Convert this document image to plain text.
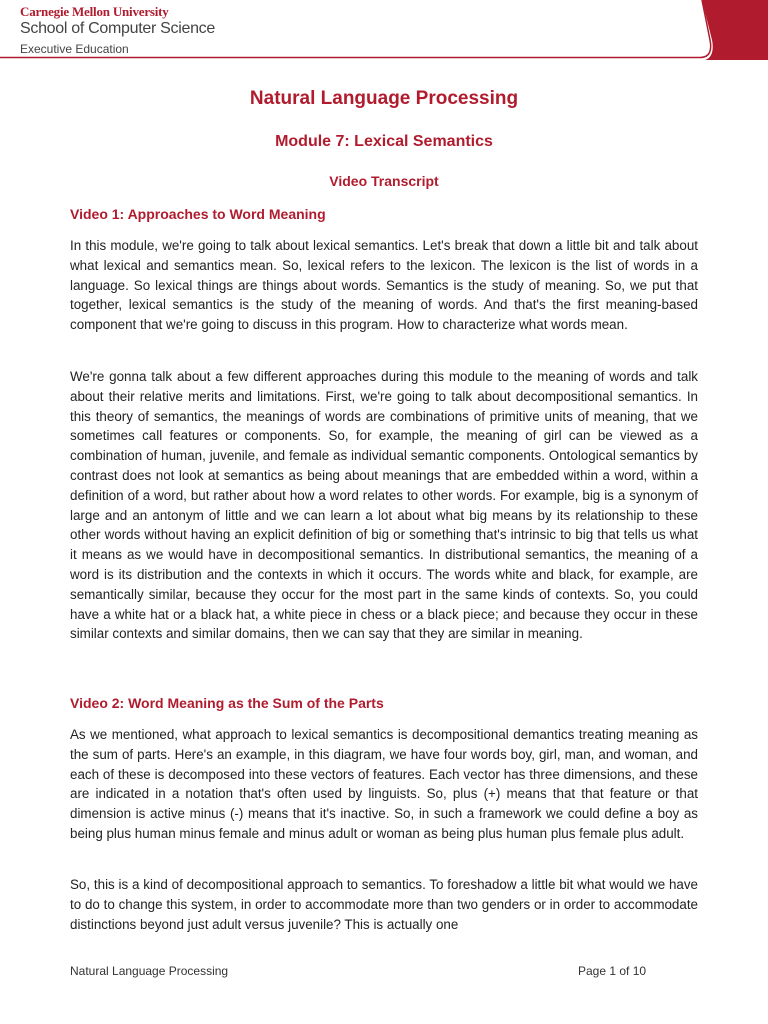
Carnegie Mellon University
School of Computer Science
Executive Education
Natural Language Processing
Module 7: Lexical Semantics
Video Transcript
Video 1: Approaches to Word Meaning

In this module, we're going to talk about lexical semantics. Let's break that down a little bit and talk about what lexical and semantics mean. So, lexical refers to the lexicon. The lexicon is the list of words in a language. So lexical things are things about words. Semantics is the study of meaning. So, we put that together, lexical semantics is the study of the meaning of words. And that's the first meaning-based component that we're going to discuss in this program. How to characterize what words mean.

We're gonna talk about a few different approaches during this module to the meaning of words and talk about their relative merits and limitations. First, we're going to talk about decompositional semantics. In this theory of semantics, the meanings of words are combinations of primitive units of meaning, that we sometimes call features or components. So, for example, the meaning of girl can be viewed as a combination of human, juvenile, and female as individual semantic components. Ontological semantics by contrast does not look at semantics as being about meanings that are embedded within a word, within a definition of a word, but rather about how a word relates to other words. For example, big is a synonym of large and an antonym of little and we can learn a lot about what big means by its relationship to these other words without having an explicit definition of big or something that's intrinsic to big that tells us what it means as we would have in decompositional semantics. In distributional semantics, the meaning of a word is its distribution and the contexts in which it occurs. The words white and black, for example, are semantically similar, because they occur for the most part in the same kinds of contexts. So, you could have a white hat or a black hat, a white piece in chess or a black piece; and because they occur in these similar contexts and similar domains, then we can say that they are similar in meaning.

Video 2: Word Meaning as the Sum of the Parts

As we mentioned, what approach to lexical semantics is decompositional demantics treating meaning as the sum of parts. Here's an example, in this diagram, we have four words boy, girl, man, and woman, and each of these is decomposed into these vectors of features. Each vector has three dimensions, and these are indicated in a notation that's often used by linguists. So, plus (+) means that that feature or that dimension is active minus (-) means that it's inactive. So, in such a framework we could define a boy as being plus human minus female and minus adult or woman as being plus human plus female plus adult.

So, this is a kind of decompositional approach to semantics. To foreshadow a little bit what would we have to do to change this system, in order to accommodate more than two genders or in order to accommodate distinctions beyond just adult versus juvenile? This is actually one

Natural Language Processing	Page 1 of 10
